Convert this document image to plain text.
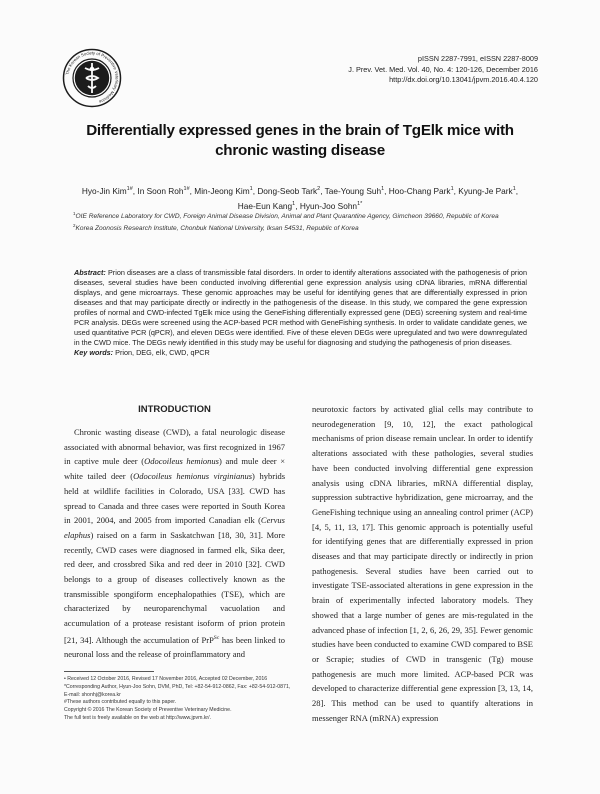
The Korean Society of Preventive Veterinary Medicine
pISSN 2287-7991, eISSN 2287-8009
J. Prev. Vet. Med. Vol. 40, No. 4: 120-126, December 2016
http://dx.doi.org/10.13041/jpvm.2016.40.4.120
Differentially expressed genes in the brain of TgElk mice with
chronic wasting disease
Hyo-Jin Kim$^{1\#}$, In Soon Roh$^{1\#}$, Min-Jeong Kim$^1$, Dong-Seob Tark$^2$, Tae-Young Suh$^1$, Hoo-Chang Park$^1$, Kyung-Je Park$^1$,
Hae-Eun Kang$^1$, Hyun-Joo Sohn$^{1*}$
$^1$OIE Reference Laboratory for CWD, Foreign Animal Disease Division, Animal and Plant Quarantine Agency, Gimcheon 39660, Republic of Korea
$^2$Korea Zoonosis Research Institute, Chonbuk National University, Iksan 54531, Republic of Korea
Abstract: Prion diseases are a class of transmissible fatal disorders. In order to identify alterations associated with the pathogenesis of prion diseases, several studies have been conducted involving differential gene expression analysis using cDNA libraries, mRNA differential displays, and gene microarrays. These genomic approaches may be useful for identifying genes that are differentially expressed in prion diseases and that may participate directly or indirectly in the pathogenesis of the disease. In this study, we compared the gene expression profiles of normal and CWD-infected TgElk mice using the GeneFishing differentially expressed gene (DEG) screening system and real-time PCR analysis. DEGs were screened using the ACP-based PCR method with GeneFishing synthesis. In order to validate candidate genes, we used quantitative PCR (qPCR), and eleven DEGs were identified. Five of these eleven DEGs were upregulated and two were downregulated in the CWD mice. The DEGs newly identified in this study may be useful for diagnosing and studying the pathogenesis of prion diseases.
Key words: Prion, DEG, elk, CWD, qPCR
INTRODUCTION

Chronic wasting disease (CWD), a fatal neurologic disease associated with abnormal behavior, was first recognized in 1967 in captive mule deer (Odocoileus hemionus) and mule deer × white tailed deer (Odocoileus hemionus virginianus) hybrids held at wildlife facilities in Colorado, USA [33]. CWD has spread to Canada and three cases were reported in South Korea in 2001, 2004, and 2005 from imported Canadian elk (Cervus elaphus) raised on a farm in Saskatchwan [18, 30, 31]. More recently, CWD cases were diagnosed in farmed elk, Sika deer, red deer, and crossbred Sika and red deer in 2010 [32]. CWD belongs to a group of diseases collectively known as the transmissible spongiform encephalopathies (TSE), which are characterized by neuroparenchymal vacuolation and accumulation of a protease resistant isoform of prion protein [21, 34]. Although the accumulation of PrP$^{Sc}$ has been linked to neuronal loss and the release of proinflammatory and

neurotoxic factors by activated glial cells may contribute to neurodegeneration [9, 10, 12], the exact pathological mechanisms of prion disease remain unclear. In order to identify alterations associated with these pathologies, several studies have been conducted involving differential gene expression analysis using cDNA libraries, mRNA differential display, suppression subtractive hybridization, gene microarray, and the GeneFishing technique using an annealing control primer (ACP) [4, 5, 11, 13, 17]. This genomic approach is potentially useful for identifying genes that are differentially expressed in prion diseases and that may participate directly or indirectly in prion pathogenesis. Several studies have been carried out to investigate TSE-associated alterations in gene expression in the brain of experimentally infected laboratory models. They showed that a large number of genes are mis-regulated in the advanced phase of infection [1, 2, 6, 26, 29, 35]. Fewer genomic studies have been conducted to examine CWD compared to BSE or Scrapie; studies of CWD in transgenic (Tg) mouse pathogenesis are much more limited. ACP-based PCR was developed to characterize differential gene expression [3, 13, 14, 28]. This method can be used to quantify alterations in messenger RNA (mRNA) expression

• Received 12 October 2016, Revised 17 November 2016, Accepted 02 December, 2016
*Corresponding Author, Hyun-Joo Sohn, DVM, PhD, Tel: +82-54-912-0862, Fax: +82-54-912-0871, E-mail: shonhj@korea.kr
#These authors contributed equally to this paper.
Copyright © 2016 The Korean Society of Preventive Veterinary Medicine.
The full text is freely available on the web at http://www.jpvm.kr/.
